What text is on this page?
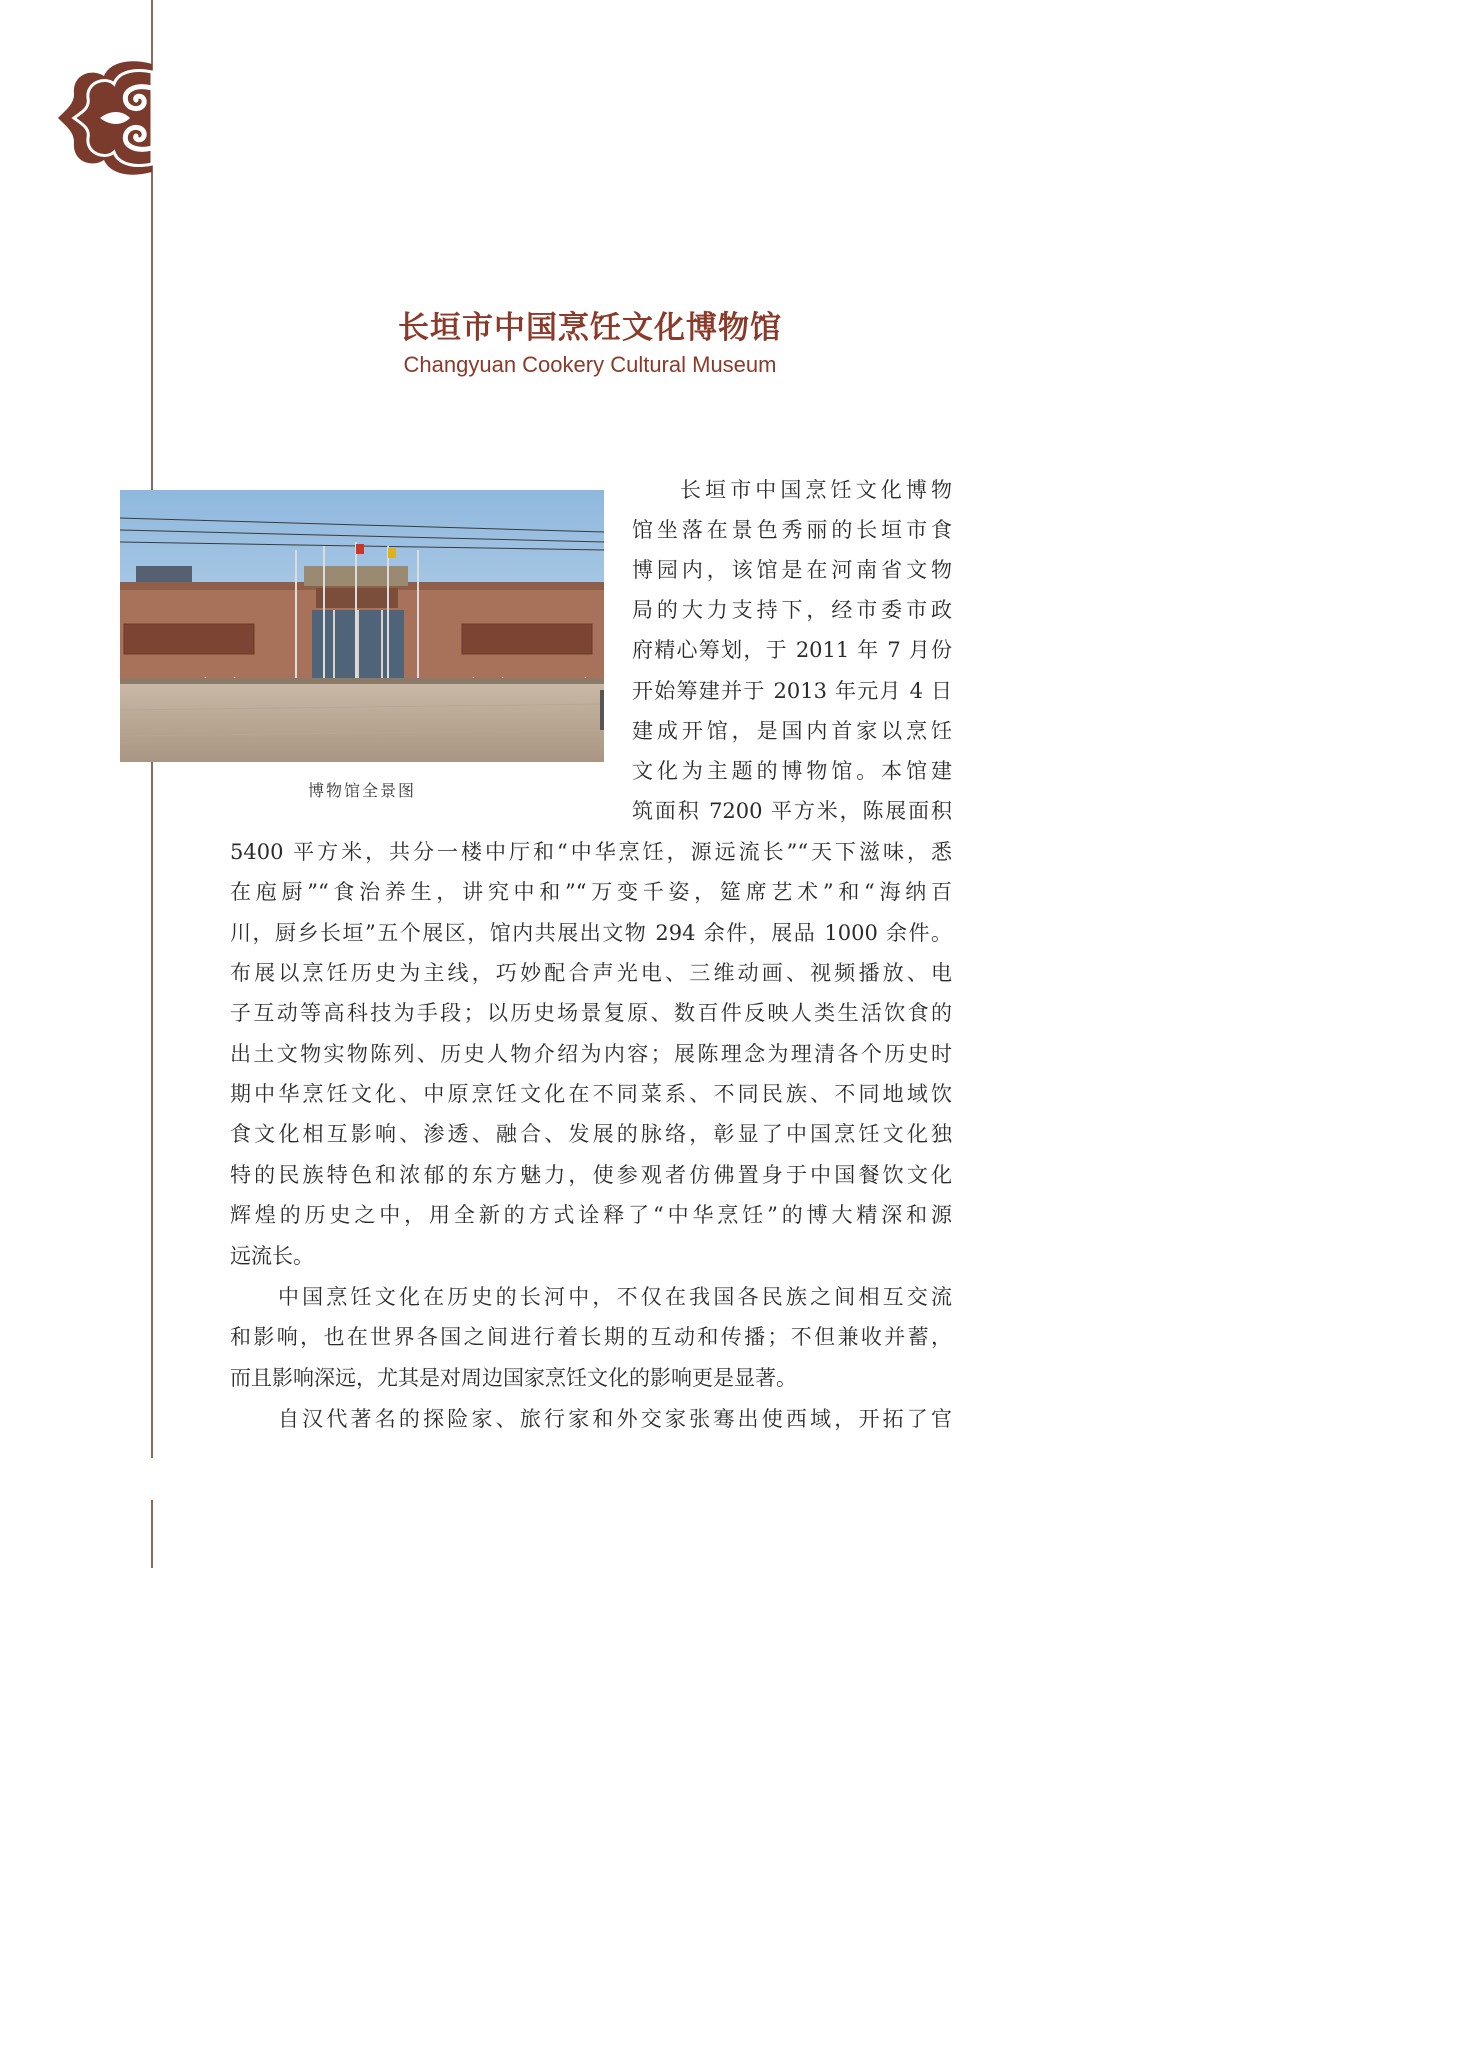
长垣市中国烹饪文化博物馆
Changyuan Cookery Cultural Museum
博物馆全景图
长垣市中国烹饪文化博物
馆坐落在景色秀丽的长垣市食
博园内，该馆是在河南省文物
局的大力支持下，经市委市政
府精心筹划，于 2011 年 7 月份
开始筹建并于 2013 年元月 4 日
建成开馆，是国内首家以烹饪
文化为主题的博物馆。本馆建
筑面积 7200 平方米，陈展面积
5400 平方米，共分一楼中厅和“中华烹饪，源远流长”“天下滋味，悉
在庖厨”“食治养生，讲究中和”“万变千姿，筵席艺术”和“海纳百
川，厨乡长垣”五个展区，馆内共展出文物 294 余件，展品 1000 余件。
布展以烹饪历史为主线，巧妙配合声光电、三维动画、视频播放、电
子互动等高科技为手段；以历史场景复原、数百件反映人类生活饮食的
出土文物实物陈列、历史人物介绍为内容；展陈理念为理清各个历史时
期中华烹饪文化、中原烹饪文化在不同菜系、不同民族、不同地域饮
食文化相互影响、渗透、融合、发展的脉络，彰显了中国烹饪文化独
特的民族特色和浓郁的东方魅力，使参观者仿佛置身于中国餐饮文化
辉煌的历史之中，用全新的方式诠释了“中华烹饪”的博大精深和源
远流长。
中国烹饪文化在历史的长河中，不仅在我国各民族之间相互交流
和影响，也在世界各国之间进行着长期的互动和传播；不但兼收并蓄，
而且影响深远，尤其是对周边国家烹饪文化的影响更是显著。
自汉代著名的探险家、旅行家和外交家张骞出使西域，开拓了官
